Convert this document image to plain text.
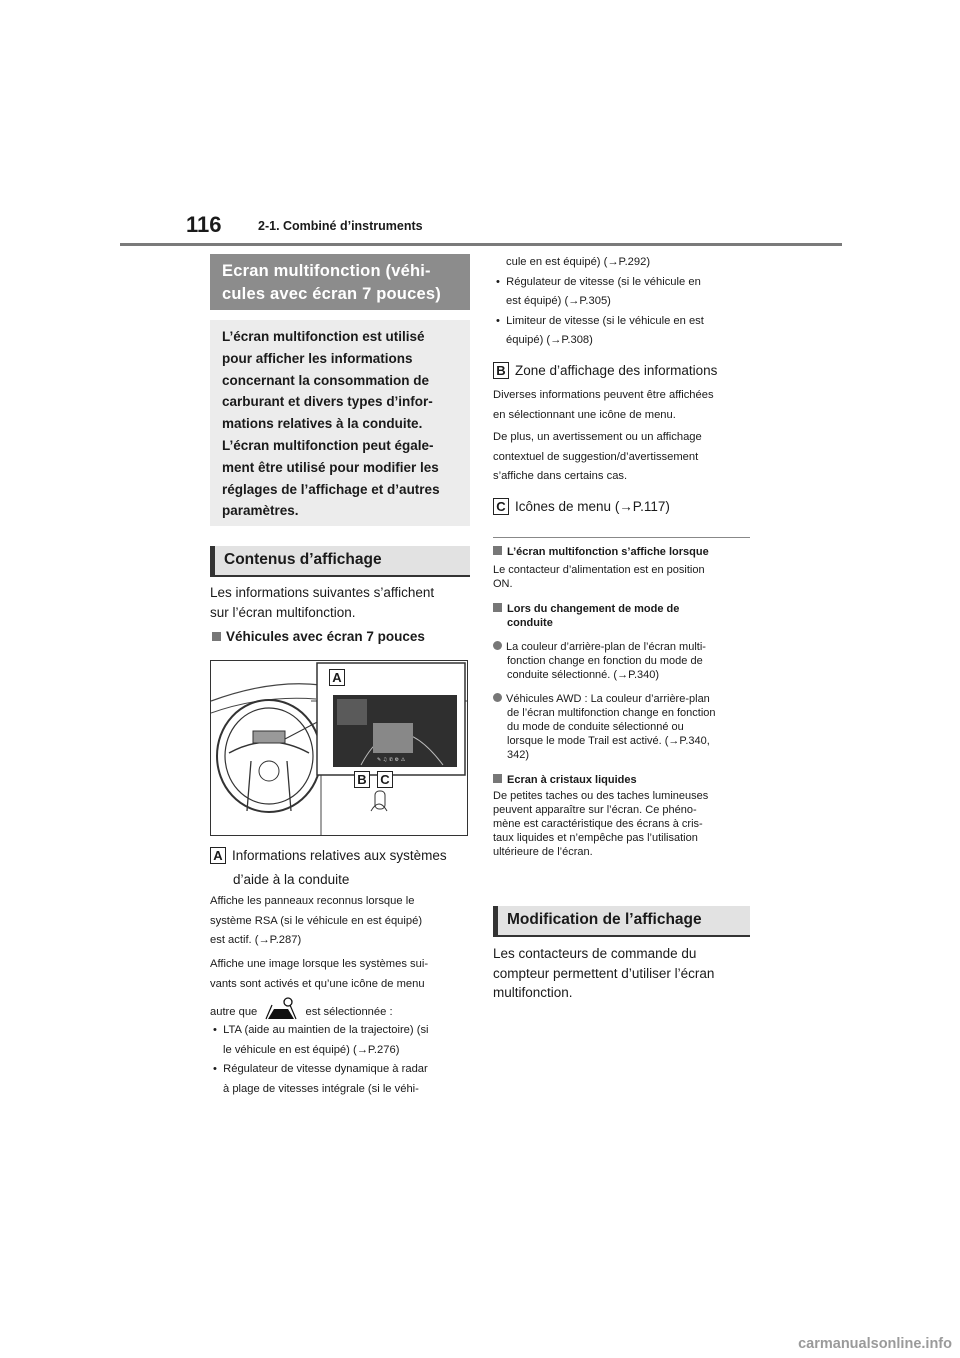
116	2-1. Combiné d’instruments
Ecran multifonction (véhi-
cules avec écran 7 pouces)

L’écran multifonction est utilisé

pour afficher les informations

concernant la consommation de

carburant et divers types d’infor-

mations relatives à la conduite.

L’écran multifonction peut égale-

ment être utilisé pour modifier les

réglages de l’affichage et d’autres

paramètres.

Contenus d’affichage
Les informations suivantes s’affichent
sur l’écran multifonction.
Véhicules avec écran 7 pouces
✎ ♫ ✆ ⚙ ⚠
A
B C
A Informations relatives aux systèmes
d’aide à la conduite
Affiche les panneaux reconnus lorsque le
système RSA (si le véhicule en est équipé)
est actif. (→P.287)
Affiche une image lorsque les systèmes sui-
vants sont activés et qu’une icône de menu
autre que	est sélectionnée :
•  LTA (aide au maintien de la trajectoire) (si
le véhicule en est équipé) (→P.276)
•  Régulateur de vitesse dynamique à radar
à plage de vitesses intégrale (si le véhi-
cule en est équipé) (→P.292)
•  Régulateur de vitesse (si le véhicule en
est équipé) (→P.305)
•  Limiteur de vitesse (si le véhicule en est
équipé) (→P.308)
B Zone d’affichage des informations
Diverses informations peuvent être affichées
en sélectionnant une icône de menu.
De plus, un avertissement ou un affichage
contextuel de suggestion/d’avertissement
s’affiche dans certains cas.
C Icônes de menu (→P.117)
L’écran multifonction s’affiche lorsque
Le contacteur d’alimentation est en position
ON.
Lors du changement de mode de
conduite
La couleur d’arrière-plan de l’écran multi-
fonction change en fonction du mode de
conduite sélectionné. (→P.340)
Véhicules AWD : La couleur d’arrière-plan
de l’écran multifonction change en fonction
du mode de conduite sélectionné ou
lorsque le mode Trail est activé. (→P.340,
342)
Ecran à cristaux liquides
De petites taches ou des taches lumineuses
peuvent apparaître sur l’écran. Ce phéno-
mène est caractéristique des écrans à cris-
taux liquides et n’empêche pas l’utilisation
ultérieure de l’écran.
Modification de l’affichage
Les contacteurs de commande du
compteur permettent d’utiliser l’écran
multifonction.
carmanualsonline.info
